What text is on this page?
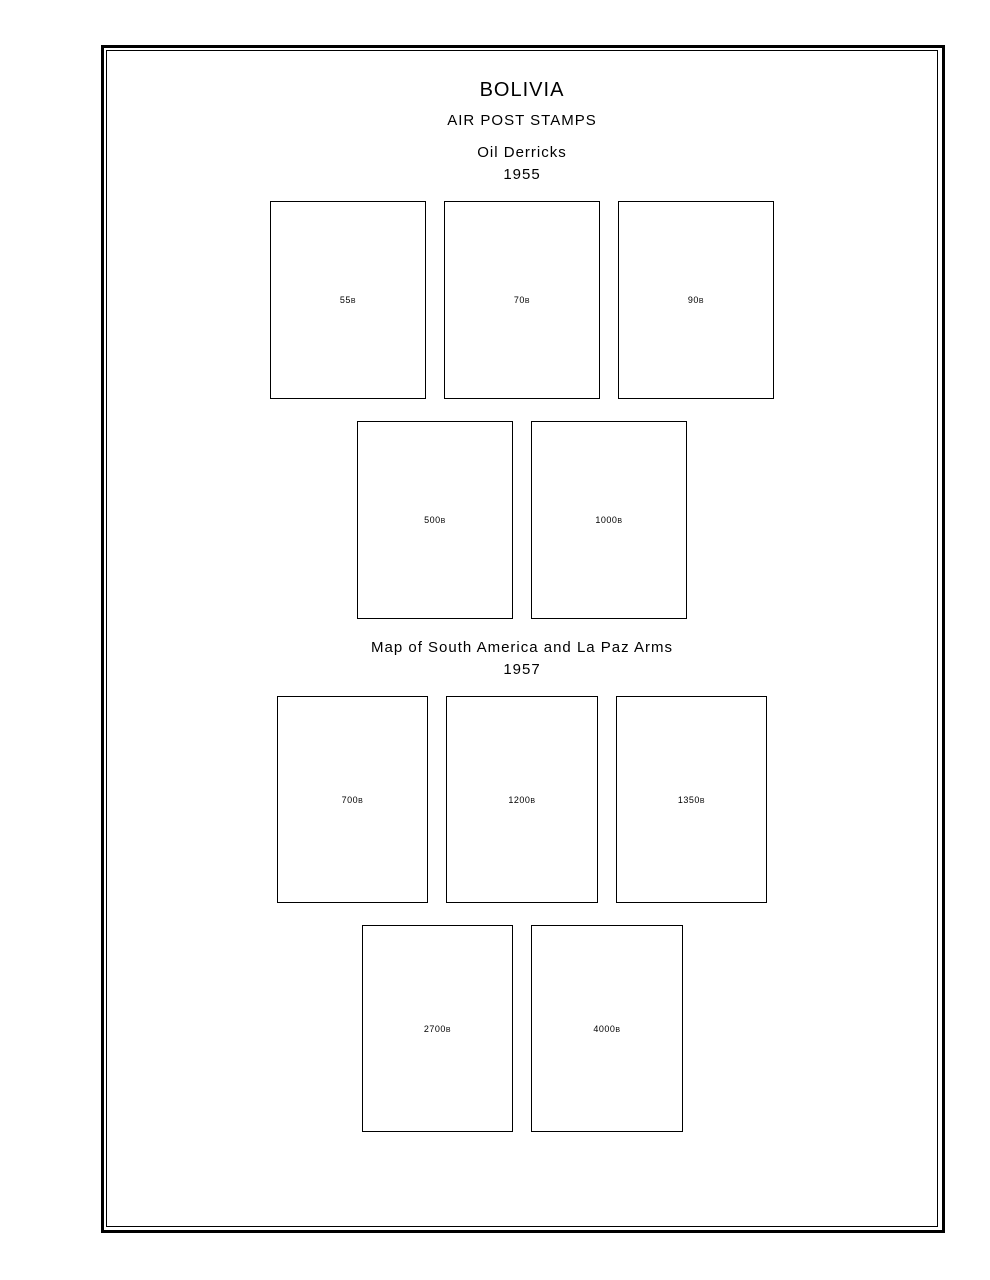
BOLIVIA
AIR POST STAMPS
Oil Derricks
1955
55B	70B	90B
500B	1000B
Map of South America and La Paz Arms
1957
700B	1200B	1350B
2700B	4000B
